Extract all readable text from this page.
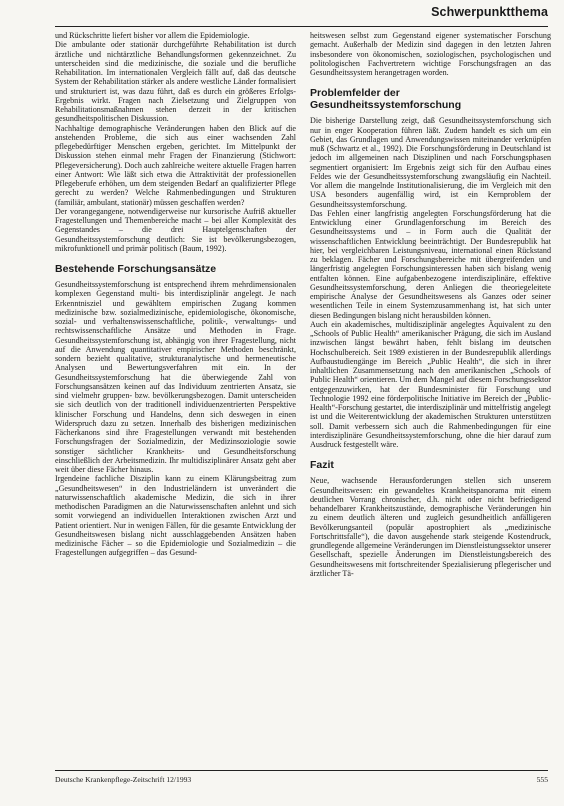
Schwerpunktthema

und Rückschritte liefert bisher vor allem die Epidemiologie.

Die ambulante oder stationär durchgeführte Rehabilitation ist durch ärztliche und nichtärztliche Behandlungsformen gekennzeichnet. Zu unterscheiden sind die medizinische, die soziale und die berufliche Rehabilitation. Im internationalen Vergleich fällt auf, daß das deutsche System der Rehabilitation stärker als andere westliche Länder formalisiert und strukturiert ist, was dazu führt, daß es durch ein größeres Erfolgs-Ergebnis wirkt. Fragen nach Zielsetzung und Zielgruppen von Rehabilitationsmaßnahmen stehen derzeit in der kritischen gesundheitspolitischen Diskussion.

Nachhaltige demographische Veränderungen haben den Blick auf die anstehenden Probleme, die sich aus einer wachsenden Zahl pflegebedürftiger Menschen ergeben, gerichtet. Im Mittelpunkt der Diskussion stehen einmal mehr Fragen der Finanzierung (Stichwort: Pflegeversicherung). Doch auch zahlreiche weitere aktuelle Fragen harren einer Antwort: Wie läßt sich etwa die Attraktivität der professionellen Pflegeberufe erhöhen, um dem steigenden Bedarf an qualifizierter Pflege gerecht zu werden? Welche Rahmenbedingungen und Strukturen (familiär, ambulant, stationär) müssen geschaffen werden?

Der vorangegangene, notwendigerweise nur kursorische Aufriß aktueller Fragestellungen und Themenbereiche macht – bei aller Komplexität des Gegenstandes – die drei Hauptelgenschaften der Gesundheitssystemforschung deutlich: Sie ist bevölkerungsbezogen, mikrofunktionell und primär politisch (Baum, 1992).

Bestehende Forschungsansätze

Gesundheitssystemforschung ist entsprechend ihrem mehrdimensionalen komplexen Gegenstand multi- bis interdisziplinär angelegt. Je nach Erkenntnisziel und gewähltem empirischen Zugang kommen medizinische bzw. sozialmedizinische, epidemiologische, ökonomische, sozial- und verhaltenswissenschaftliche, politik-, verwaltungs- und rechtswissenschaftliche Ansätze und Methoden in Frage. Gesundheitssystemforschung ist, abhängig von ihrer Fragestellung, nicht auf die Anwendung quantitativer empirischer Methoden beschränkt, sondern bezieht qualitative, strukturanalytische und hermeneutische Analysen und Bewertungsverfahren mit ein. In der Gesundheitssystemforschung hat die überwiegende Zahl von Forschungsansätzen keinen auf das Individuum zentrierten Ansatz, sie sind vielmehr gruppen- bzw. bevölkerungsbezogen. Damit unterscheiden sie sich deutlich von der traditionell individuenzentrierten Perspektive klinischer Forschung und Handelns, denn sich deswegen in einen Widerspruch dazu zu setzen. Innerhalb des bisherigen medizinischen Fächerkanons sind ihre Fragestellungen verwandt mit bestehenden Forschungsfragen der Sozialmedizin, der Medizinsoziologie sowie sonstiger sächtlicher Krankheits- und Gesundheitsforschung einschließlich der Arbeitsmedizin. Ihr multidisziplinärer Ansatz geht aber weit über diese Fächer hinaus.

Irgendeine fachliche Disziplin kann zu einem Klärungsbeitrag zum „Gesundheitswesen“ in den Industrieländern ist unverändert die naturwissenschaftlich akademische Medizin, die sich in ihrer methodischen Paradigmen an die Naturwissenschaften anlehnt und sich somit vorwiegend an individuellen Interaktionen zwischen Arzt und Patient orientiert. Nur in wenigen Fällen, für die gesamte Entwicklung der Gesundheitswesen bislang nicht ausschlaggebenden Ansätzen haben medizinische Fächer – so die Epidemiologie und Sozialmedizin – die Fragestellungen aufgegriffen – das Gesund-

heitswesen selbst zum Gegenstand eigener systematischer Forschung gemacht. Außerhalb der Medizin sind dagegen in den letzten Jahren insbesondere von ökonomischen, soziologischen, psychologischen und politologischen Fachvertretern wichtige Forschungsfragen an das Gesundheitssystem herangetragen worden.

Problemfelder der Gesundheitssystemforschung

Die bisherige Darstellung zeigt, daß Gesundheitssystemforschung sich nur in enger Kooperation führen läßt. Zudem handelt es sich um ein Gebiet, das Grundlagen und Anwendungswissen miteinander verknüpfen muß (Schwartz et al., 1992). Die Forschungsförderung in Deutschland ist jedoch im allgemeinen nach Disziplinen und nach Forschungsphasen segmentiert organisiert: Im Ergebnis zeigt sich für den Aufbau eines Feldes wie der Gesundheitssystemforschung zwangsläufig ein Nachteil. Vor allem die mangelnde Institutionalisierung, die im Vergleich mit den USA besonders augenfällig wird, ist ein Kernproblem der Gesundheitssystemforschung.

Das Fehlen einer langfristig angelegten Forschungsförderung hat die Entwicklung einer Grundlagenforschung im Bereich des Gesundheitssystems und – in Form auch die Qualität der wissenschaftlichen Entwicklung beeinträchtigt. Der Bundesrepublik hat hier, bei vergleichbaren Leistungsniveau, international einen Rückstand zu beklagen. Fächer und Forschungsbereiche mit übergreifenden und längerfristig angelegten Forschungsinteressen haben sich bislang wenig entfalten können. Eine aufgabenbezogene interdisziplinäre, effektive Gesundheitssystemforschung, deren Anliegen die theoriegeleitete empirische Analyse der Gesundheitswesens als Ganzes oder seiner wesentlichen Teile in einem Systemzusammenhang ist, hat sich unter diesen Bedingungen bislang nicht herausbilden können.

Auch ein akademisches, multidisziplinär angelegtes Äquivalent zu den „Schools of Public Health“ amerikanischer Prägung, die sich im Ausland inzwischen längst bewährt haben, fehlt bislang im deutschen Hochschulbereich. Seit 1989 existieren in der Bundesrepublik allerdings Aufbaustudiengänge im Bereich „Public Health“, die sich in ihrer inhaltlichen Zusammensetzung nach den amerikanischen „Schools of Public Health“ orientieren. Um dem Mangel auf diesem Forschungssektor entgegenzuwirken, hat der Bundesminister für Forschung und Technologie 1992 eine förderpolitische Initiative im Bereich der „Public-Health“-Forschung gestartet, die interdisziplinär und mittelfristig angelegt ist und die Weiterentwicklung der akademischen Strukturen unterstützen soll. Damit verbessern sich auch die Rahmenbedingungen für eine interdisziplinäre Gesundheitssystemforschung, ohne die hier darauf zum Ausdruck festgestellt wäre.

Fazit

Neue, wachsende Herausforderungen stellen sich unserem Gesundheitswesen: ein gewandeltes Krankheitspanorama mit einem deutlichen Vorrang chronischer, d.h. nicht oder nicht befriedigend behandelbarer Krankheitszustände, demographische Veränderungen hin zu einem deutlich älteren und zugleich gesundheitlich anfälligeren Bevölkerungsanteil (populär apostrophiert als „medizinische Fortschrittsfalle“), die davon ausgehende stark steigende Kostendruck, grundlegende allgemeine Veränderungen im Dienstleistungssektor unserer Gesellschaft, spezielle Änderungen im Dienstleistungsbereich des Gesundheitswesens mit fortschreitender Spezialisierung pflegerischer und ärztlicher Tä-

Deutsche Krankenpflege-Zeitschrift 12/1993	555
